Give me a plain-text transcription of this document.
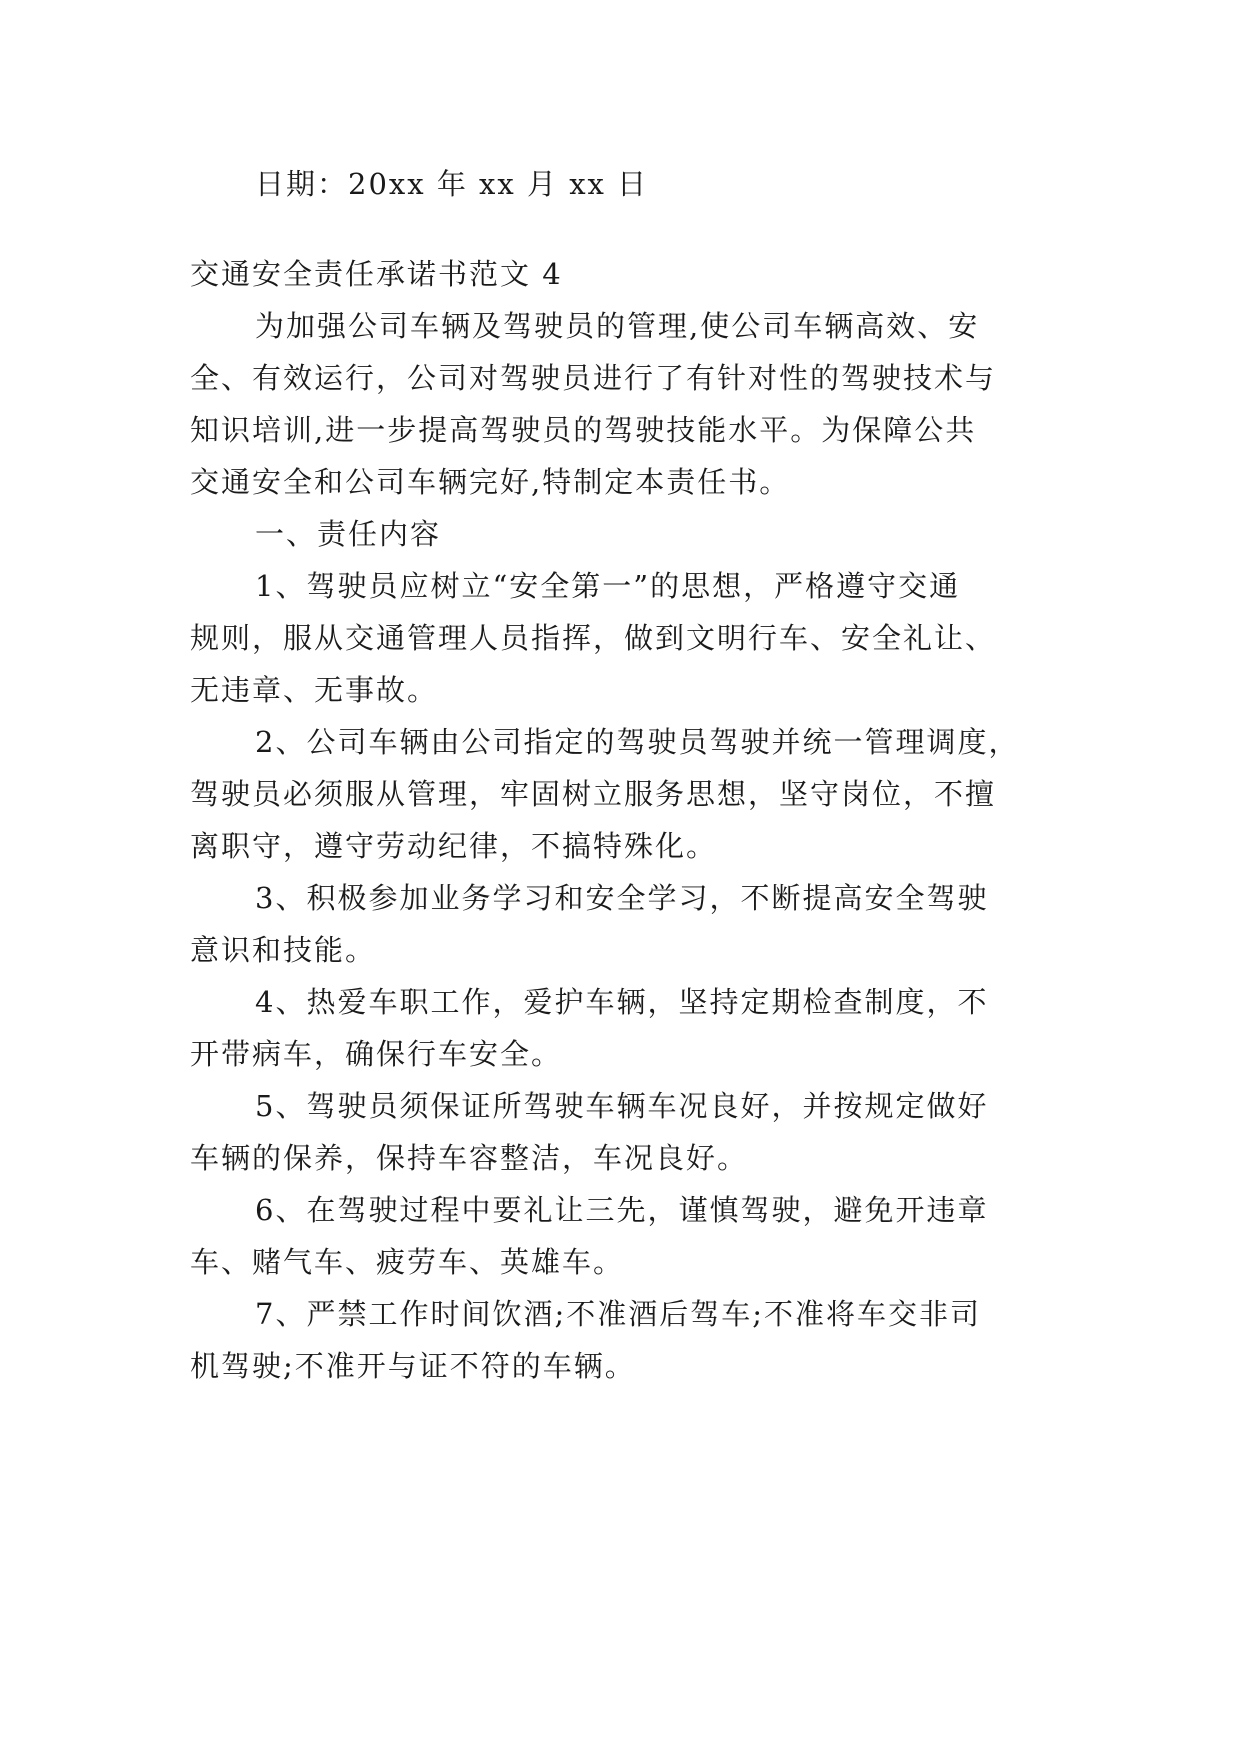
日期：20xx 年 xx 月 xx 日
交通安全责任承诺书范文 4
为加强公司车辆及驾驶员的管理,使公司车辆高效、安
全、有效运行，公司对驾驶员进行了有针对性的驾驶技术与
知识培训,进一步提高驾驶员的驾驶技能水平。为保障公共
交通安全和公司车辆完好,特制定本责任书。
一、责任内容
1、驾驶员应树立“安全第一”的思想，严格遵守交通
规则，服从交通管理人员指挥，做到文明行车、安全礼让、
无违章、无事故。
2、公司车辆由公司指定的驾驶员驾驶并统一管理调度，
驾驶员必须服从管理，牢固树立服务思想，坚守岗位，不擅
离职守，遵守劳动纪律，不搞特殊化。
3、积极参加业务学习和安全学习，不断提高安全驾驶
意识和技能。
4、热爱车职工作，爱护车辆，坚持定期检查制度，不
开带病车，确保行车安全。
5、驾驶员须保证所驾驶车辆车况良好，并按规定做好
车辆的保养，保持车容整洁，车况良好。
6、在驾驶过程中要礼让三先，谨慎驾驶，避免开违章
车、赌气车、疲劳车、英雄车。
7、严禁工作时间饮酒;不准酒后驾车;不准将车交非司
机驾驶;不准开与证不符的车辆。
